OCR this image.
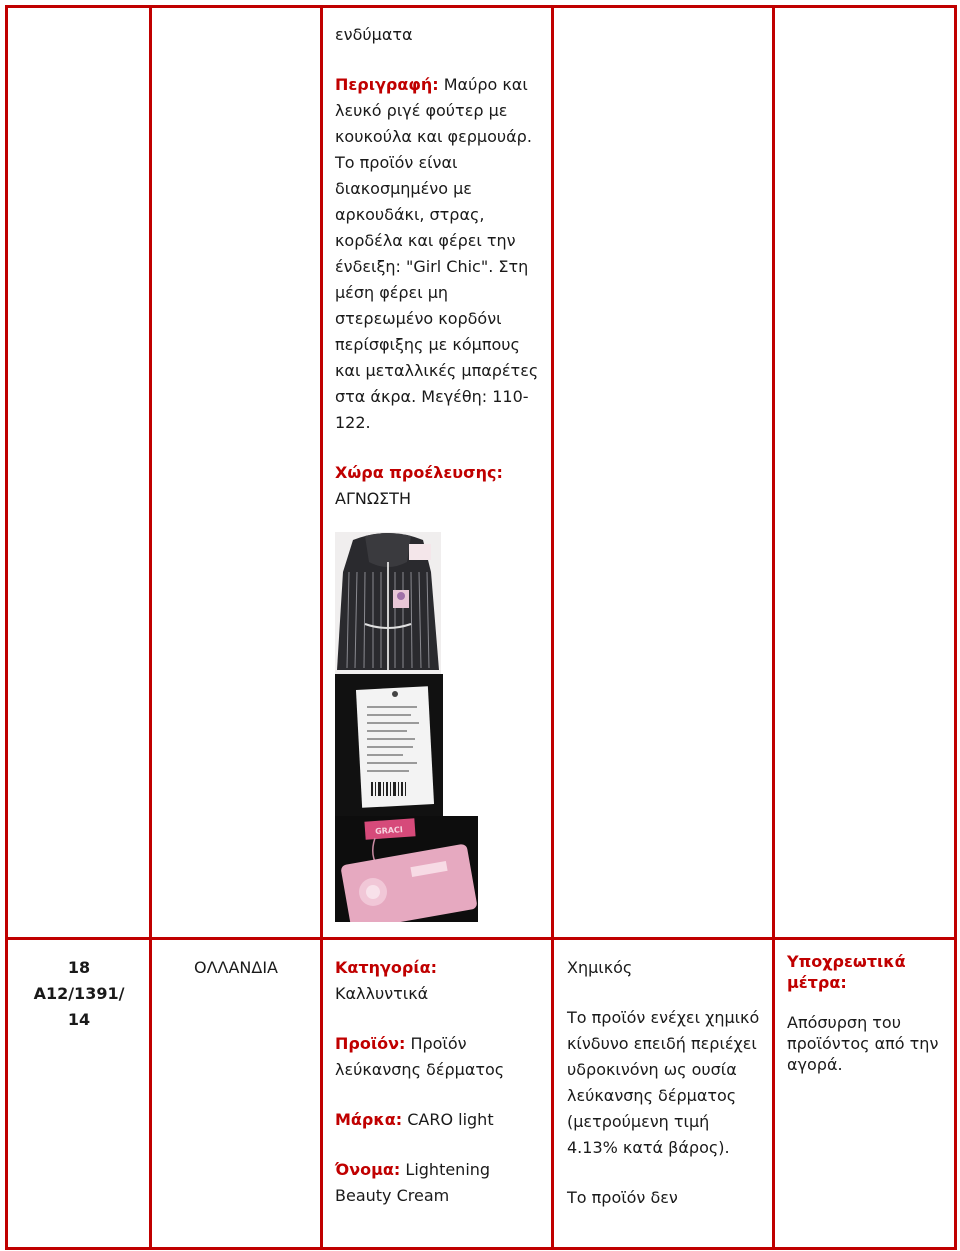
ενδύματα
Περιγραφή: Μαύρο και λευκό ριγέ φούτερ με κουκούλα και φερμουάρ. Το προϊόν είναι διακοσμημένο με αρκουδάκι, στρας, κορδέλα και φέρει την ένδειξη: "Girl Chic". Στη μέση φέρει μη στερεωμένο κορδόνι περίσφιξης με κόμπους και μεταλλικές μπαρέτες στα άκρα. Μεγέθη: 110-122.
Χώρα προέλευσης:
ΑΓΝΩΣΤΗ
GRACI
18
A12/1391/
14
ΟΛΛΑΝΔΙΑ	Κατηγορία:
Καλλυντικά
Προϊόν: Προϊόν λεύκανσης δέρματος
Μάρκα: CARO light
Όνομα: Lightening Beauty Cream
Χημικός
Το προϊόν ενέχει χημικό κίνδυνο επειδή περιέχει υδροκινόνη ως ουσία λεύκανσης δέρματος (μετρούμενη τιμή 4.13% κατά βάρος).
Το προϊόν δεν
Υποχρεωτικά μέτρα:
Απόσυρση του προϊόντος από την αγορά.
